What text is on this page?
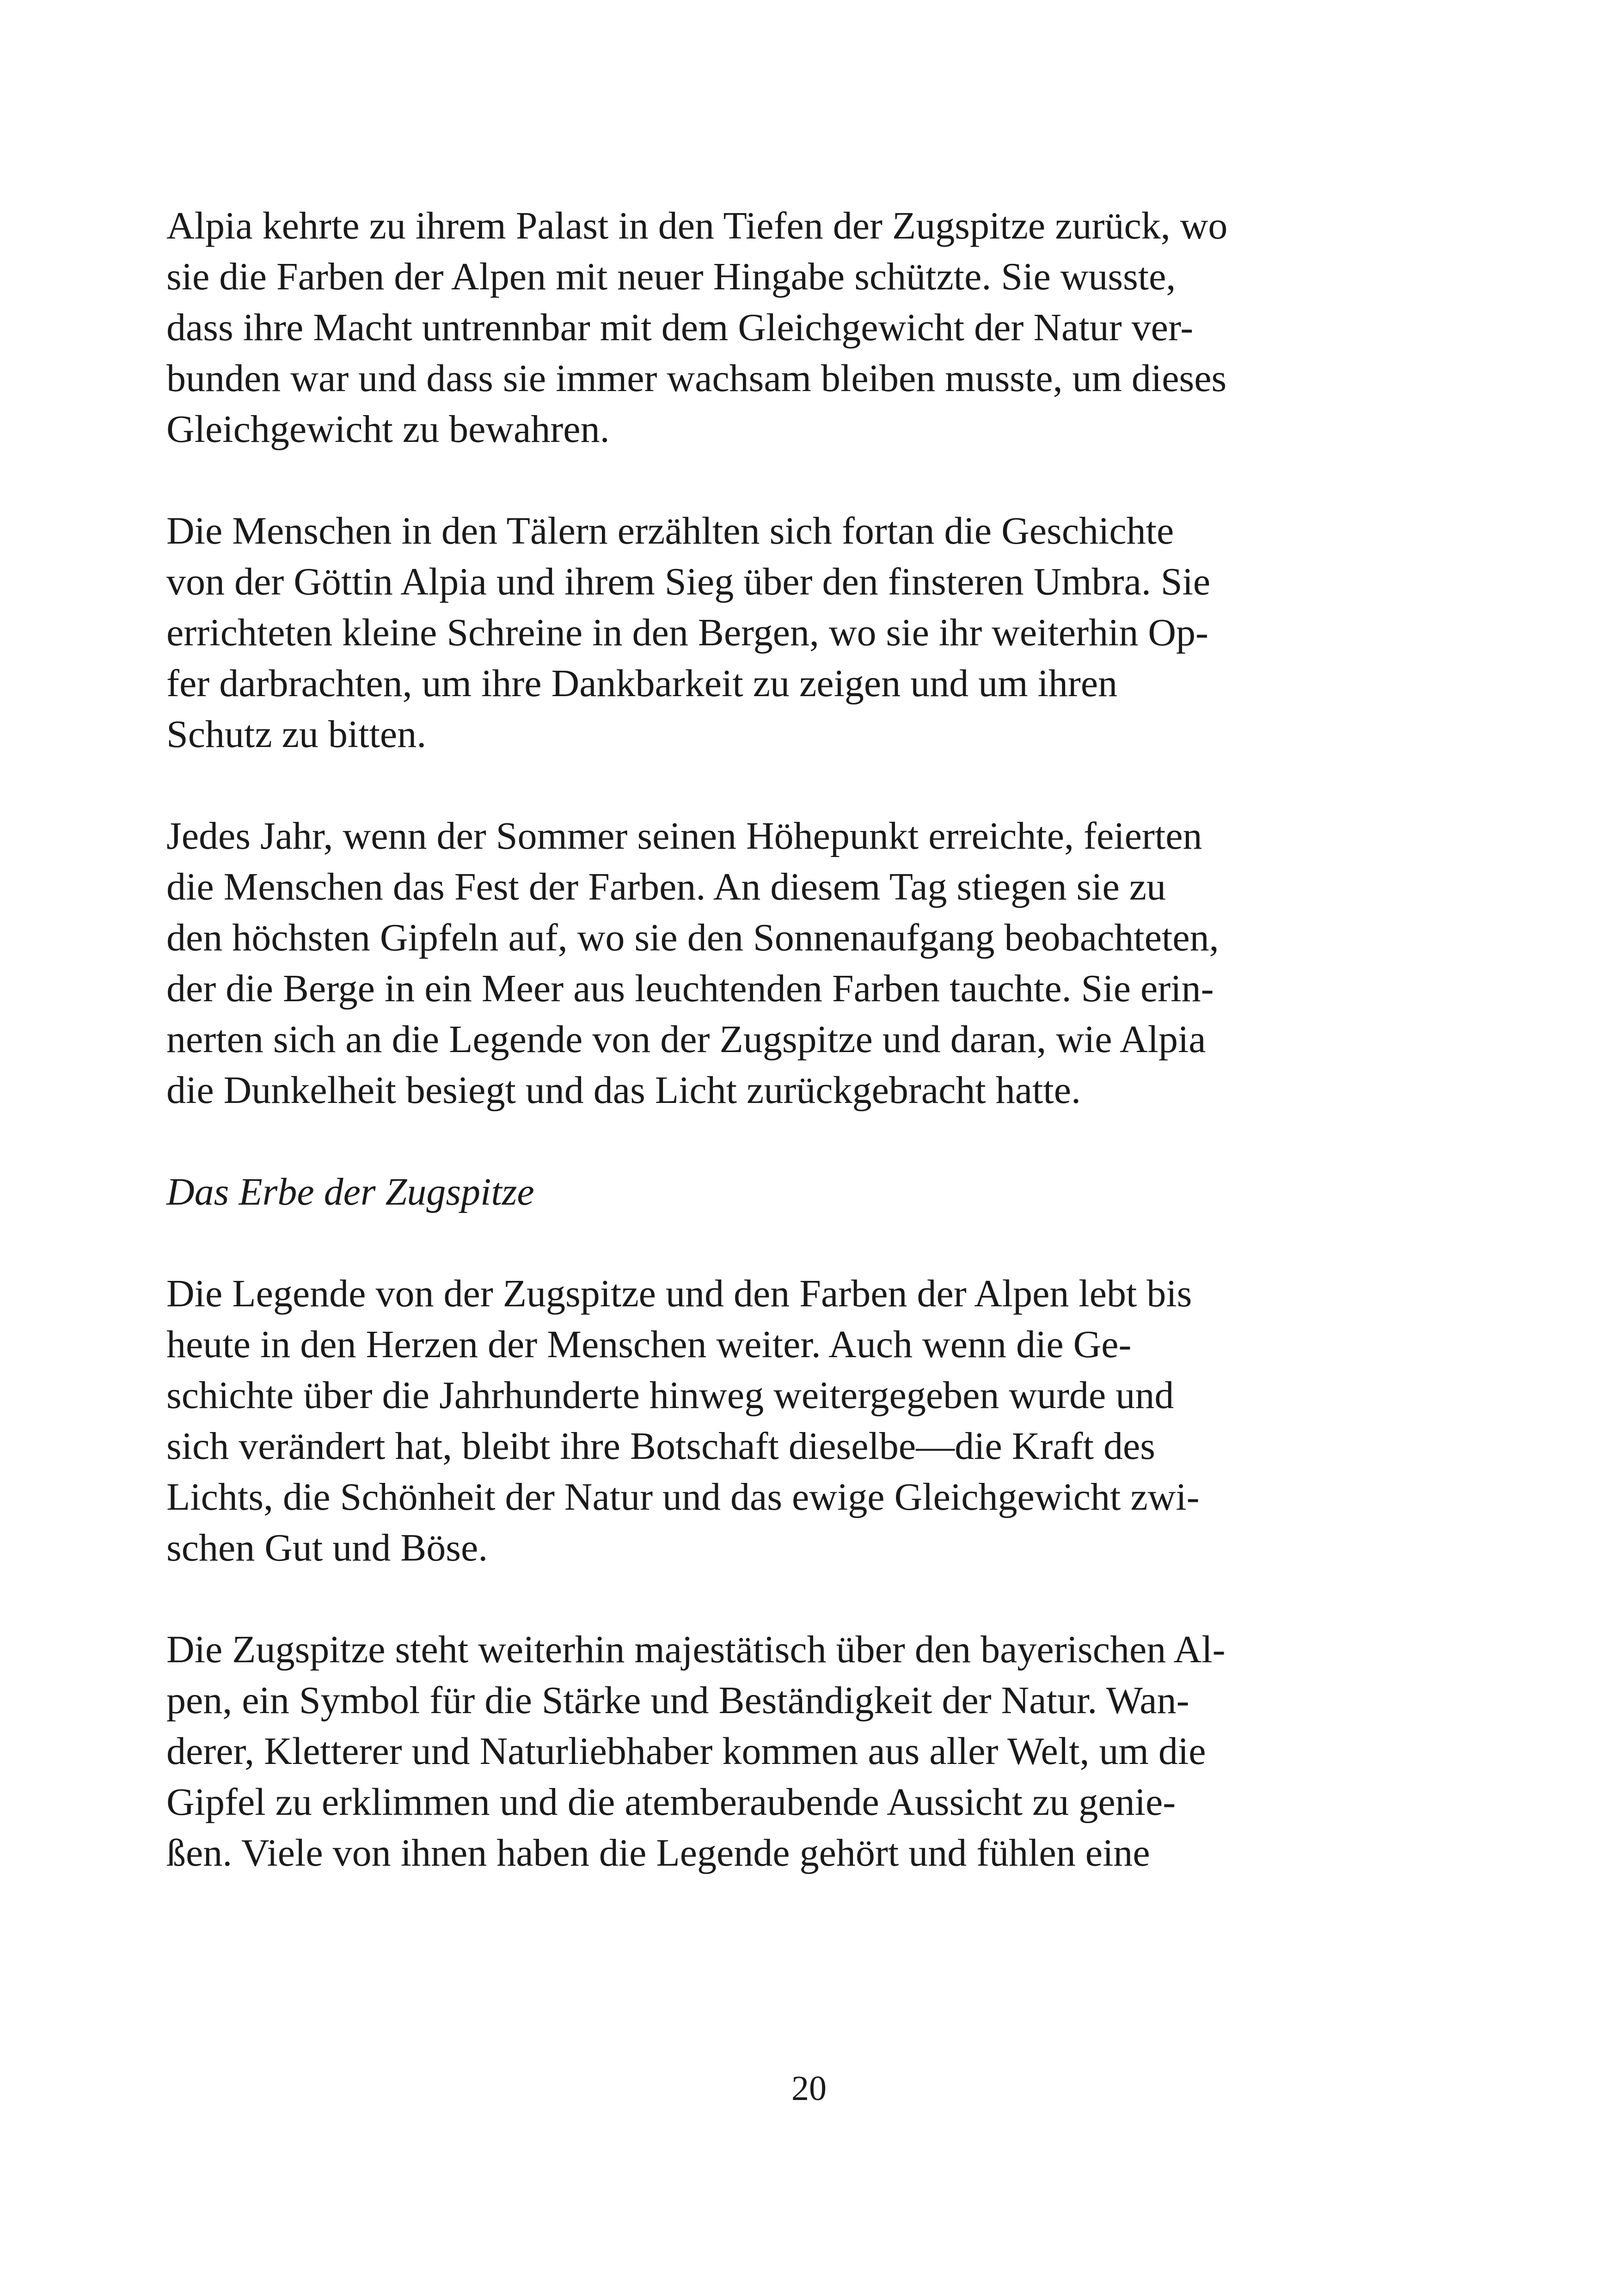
Alpia kehrte zu ihrem Palast in den Tiefen der Zugspitze zurück, wo
sie die Farben der Alpen mit neuer Hingabe schützte. Sie wusste,
dass ihre Macht untrennbar mit dem Gleichgewicht der Natur ver-
bunden war und dass sie immer wachsam bleiben musste, um dieses
Gleichgewicht zu bewahren.
Die Menschen in den Tälern erzählten sich fortan die Geschichte
von der Göttin Alpia und ihrem Sieg über den finsteren Umbra. Sie
errichteten kleine Schreine in den Bergen, wo sie ihr weiterhin Op-
fer darbrachten, um ihre Dankbarkeit zu zeigen und um ihren
Schutz zu bitten.
Jedes Jahr, wenn der Sommer seinen Höhepunkt erreichte, feierten
die Menschen das Fest der Farben. An diesem Tag stiegen sie zu
den höchsten Gipfeln auf, wo sie den Sonnenaufgang beobachteten,
der die Berge in ein Meer aus leuchtenden Farben tauchte. Sie erin-
nerten sich an die Legende von der Zugspitze und daran, wie Alpia
die Dunkelheit besiegt und das Licht zurückgebracht hatte.
Das Erbe der Zugspitze
Die Legende von der Zugspitze und den Farben der Alpen lebt bis
heute in den Herzen der Menschen weiter. Auch wenn die Ge-
schichte über die Jahrhunderte hinweg weitergegeben wurde und
sich verändert hat, bleibt ihre Botschaft dieselbe—die Kraft des
Lichts, die Schönheit der Natur und das ewige Gleichgewicht zwi-
schen Gut und Böse.
Die Zugspitze steht weiterhin majestätisch über den bayerischen Al-
pen, ein Symbol für die Stärke und Beständigkeit der Natur. Wan-
derer, Kletterer und Naturliebhaber kommen aus aller Welt, um die
Gipfel zu erklimmen und die atemberaubende Aussicht zu genie-
ßen. Viele von ihnen haben die Legende gehört und fühlen eine
20
